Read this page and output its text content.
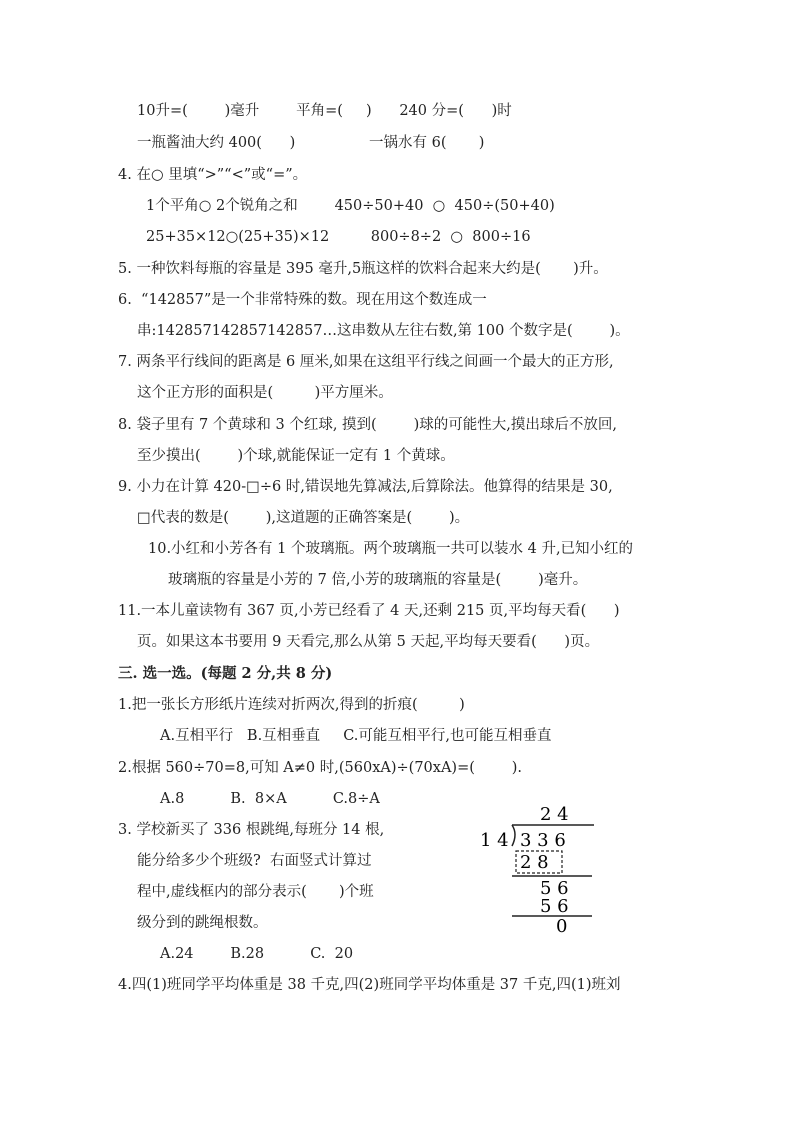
10升=(        )毫升        平角=(     )      240 分=(      )时
一瓶酱油大约 400(      )                一锅水有 6(       )
4. 在○ 里填“>”“<”或“=”。
1个平角○ 2个锐角之和        450÷50+40  ○  450÷(50+40)
25+35×12○(25+35)×12         800÷8÷2  ○  800÷16
5. 一种饮料每瓶的容量是 395 毫升,5瓶这样的饮料合起来大约是(       )升。
6.  “142857”是一个非常特殊的数。现在用这个数连成一
串:142857142857142857…这串数从左往右数,第 100 个数字是(        )。
7. 两条平行线间的距离是 6 厘米,如果在这组平行线之间画一个最大的正方形,
这个正方形的面积是(         )平方厘米。
8. 袋子里有 7 个黄球和 3 个红球, 摸到(        )球的可能性大,摸出球后不放回,
至少摸出(        )个球,就能保证一定有 1 个黄球。
9. 小力在计算 420-□÷6 时,错误地先算减法,后算除法。他算得的结果是 30,
□代表的数是(        ),这道题的正确答案是(        )。
10.小红和小芳各有 1 个玻璃瓶。两个玻璃瓶一共可以装水 4 升,已知小红的
玻璃瓶的容量是小芳的 7 倍,小芳的玻璃瓶的容量是(        )毫升。
11.一本儿童读物有 367 页,小芳已经看了 4 天,还剩 215 页,平均每天看(      )
页。如果这本书要用 9 天看完,那么从第 5 天起,平均每天要看(      )页。
三. 选一选。(每题 2 分,共 8 分)
1.把一张长方形纸片连续对折两次,得到的折痕(         )
A.互相平行   B.互相垂直     C.可能互相平行,也可能互相垂直
2.根据 560÷70=8,可知 A≠0 时,(560xA)÷(70xA)=(        ).
A.8          B.  8×A          C.8÷A
3. 学校新买了 336 根跳绳,每班分 14 根,
能分给多少个班级?  右面竖式计算过
程中,虚线框内的部分表示(       )个班
级分到的跳绳根数。
A.24        B.28          C.  20
4.四(1)班同学平均体重是 38 千克,四(2)班同学平均体重是 37 千克,四(1)班刘
2 4
1 4 3 3 6
2 8
5 6
5 6
0
